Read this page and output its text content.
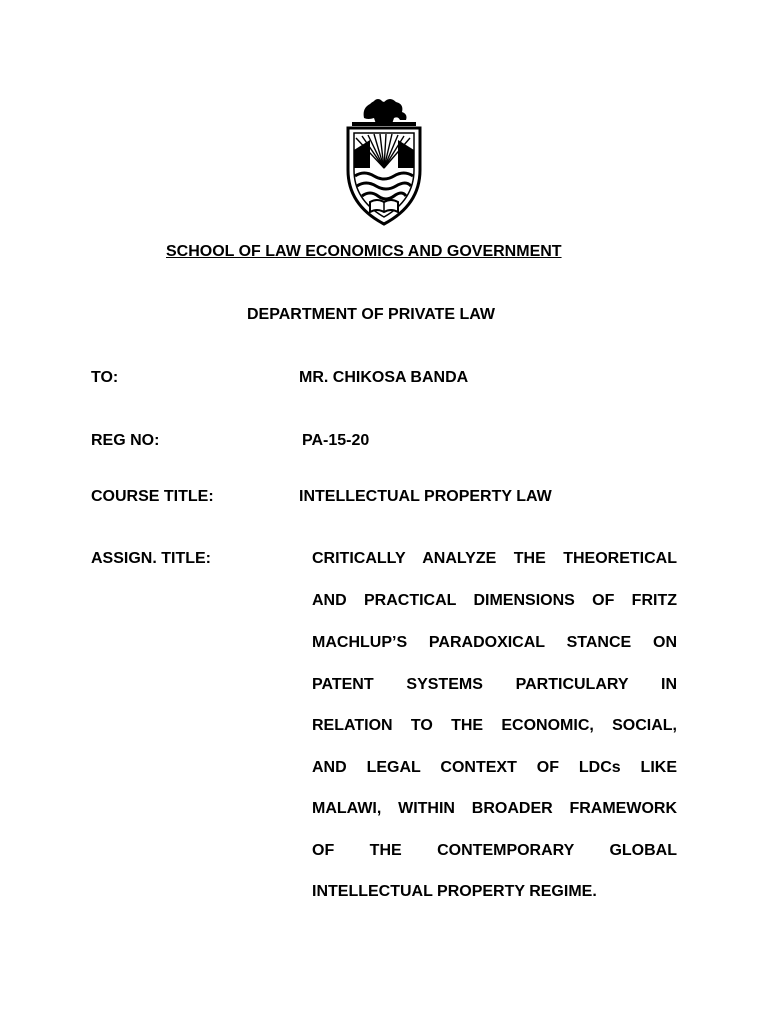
SCHOOL OF LAW ECONOMICS AND GOVERNMENT
DEPARTMENT OF PRIVATE LAW
TO:	MR. CHIKOSA BANDA
REG NO:	PA-15-20
COURSE TITLE:	INTELLECTUAL PROPERTY LAW
ASSIGN. TITLE:	CRITICALLY ANALYZE THE THEORETICAL
AND PRACTICAL DIMENSIONS OF FRITZ
MACHLUP’S PARADOXICAL STANCE ON
PATENT SYSTEMS PARTICULARY IN
RELATION TO THE ECONOMIC, SOCIAL,
AND LEGAL CONTEXT OF LDCs LIKE
MALAWI, WITHIN BROADER FRAMEWORK
OF THE CONTEMPORARY GLOBAL
INTELLECTUAL PROPERTY REGIME.
